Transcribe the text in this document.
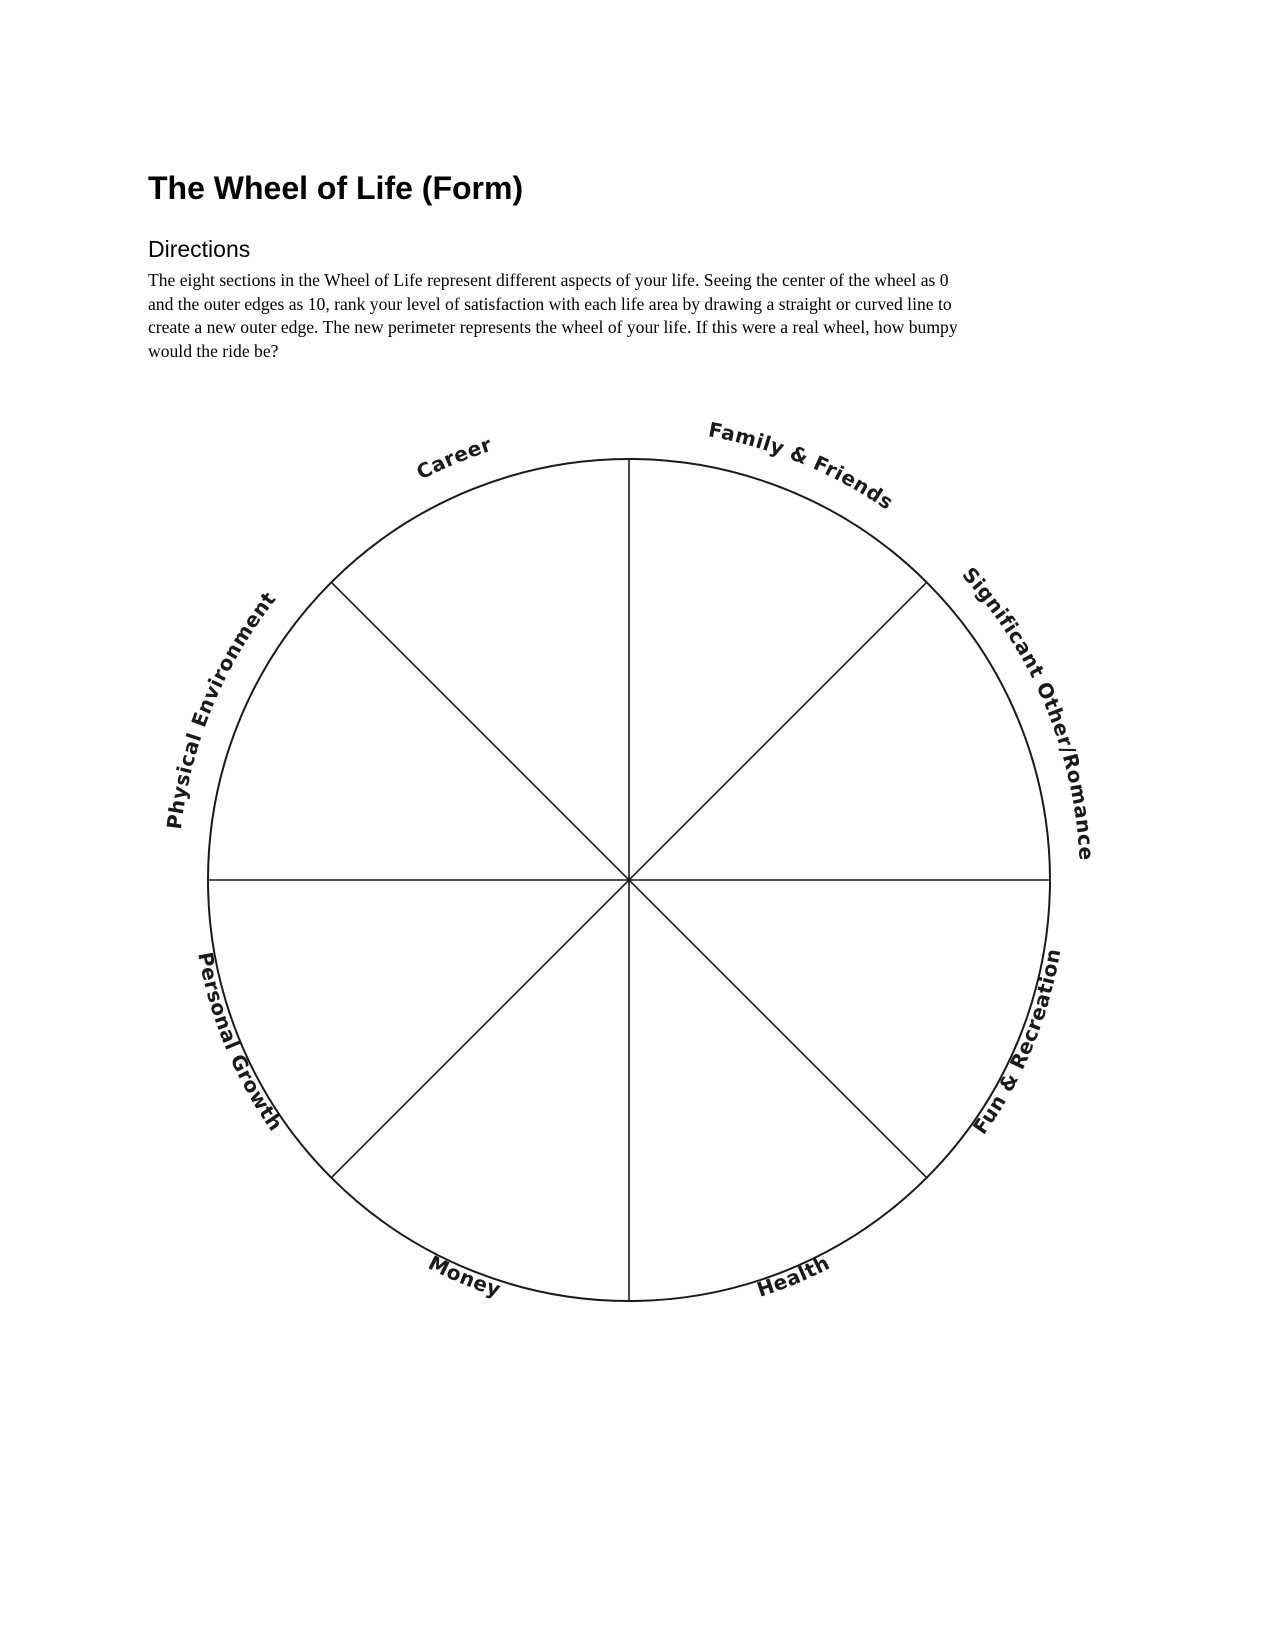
The Wheel of Life (Form)
Directions
The eight sections in the Wheel of Life represent different aspects of your life. Seeing the center of the wheel as 0
and the outer edges as 10, rank your level of satisfaction with each life area by drawing a straight or curved line to
create a new outer edge. The new perimeter represents the wheel of your life. If this were a real wheel, how bumpy
would the ride be?
Career
Family & Friends
Significant Other/Romance
Fun & Recreation
Health
Money
Personal Growth
Physical Environment
